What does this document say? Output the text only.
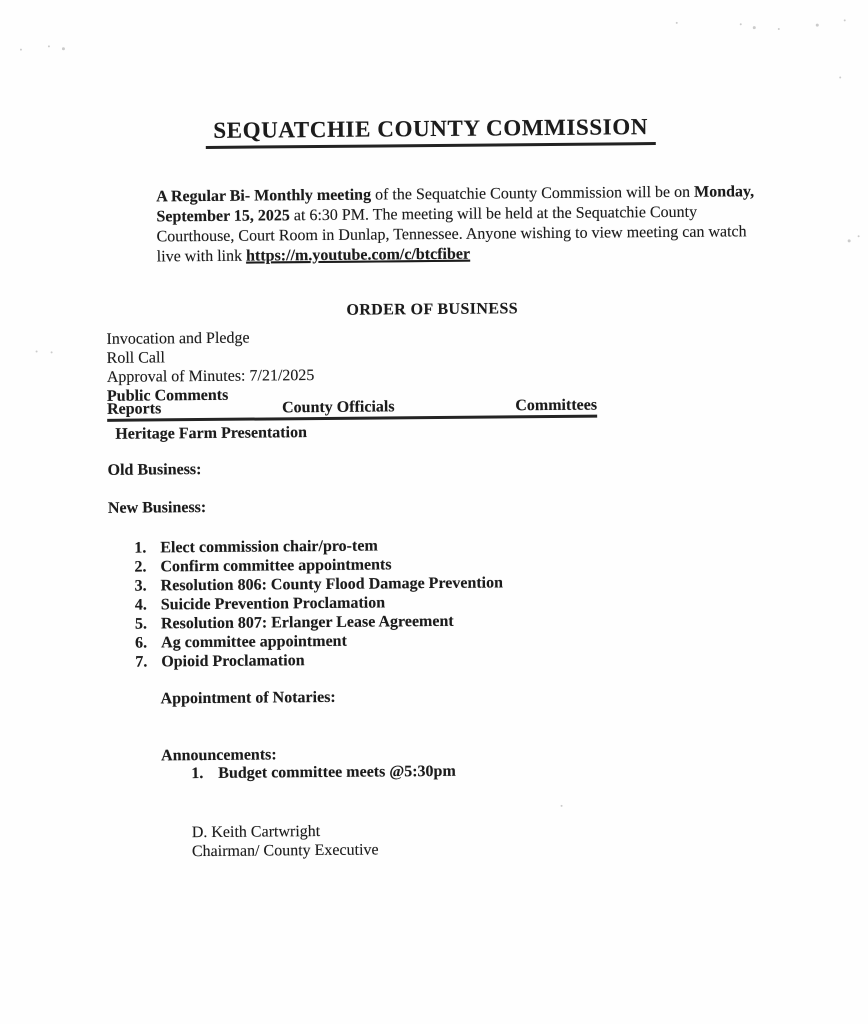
SEQUATCHIE COUNTY COMMISSION

A Regular Bi- Monthly meeting of the Sequatchie County Commission will be on Monday, September 15, 2025 at 6:30 PM. The meeting will be held at the Sequatchie County Courthouse, Court Room in Dunlap, Tennessee. Anyone wishing to view meeting can watch live with link https://m.youtube.com/c/btcfiber

ORDER OF BUSINESS
Invocation and Pledge
Roll Call
Approval of Minutes: 7/21/2025
Public Comments
Reports	County Officials	Committees
Heritage Farm Presentation
Old Business:
New Business:
1. Elect commission chair/pro-tem
2. Confirm committee appointments
3. Resolution 806: County Flood Damage Prevention
4. Suicide Prevention Proclamation
5. Resolution 807: Erlanger Lease Agreement
6. Ag committee appointment
7. Opioid Proclamation
Appointment of Notaries:
Announcements:
1. Budget committee meets @5:30pm
D. Keith Cartwright
Chairman/ County Executive
